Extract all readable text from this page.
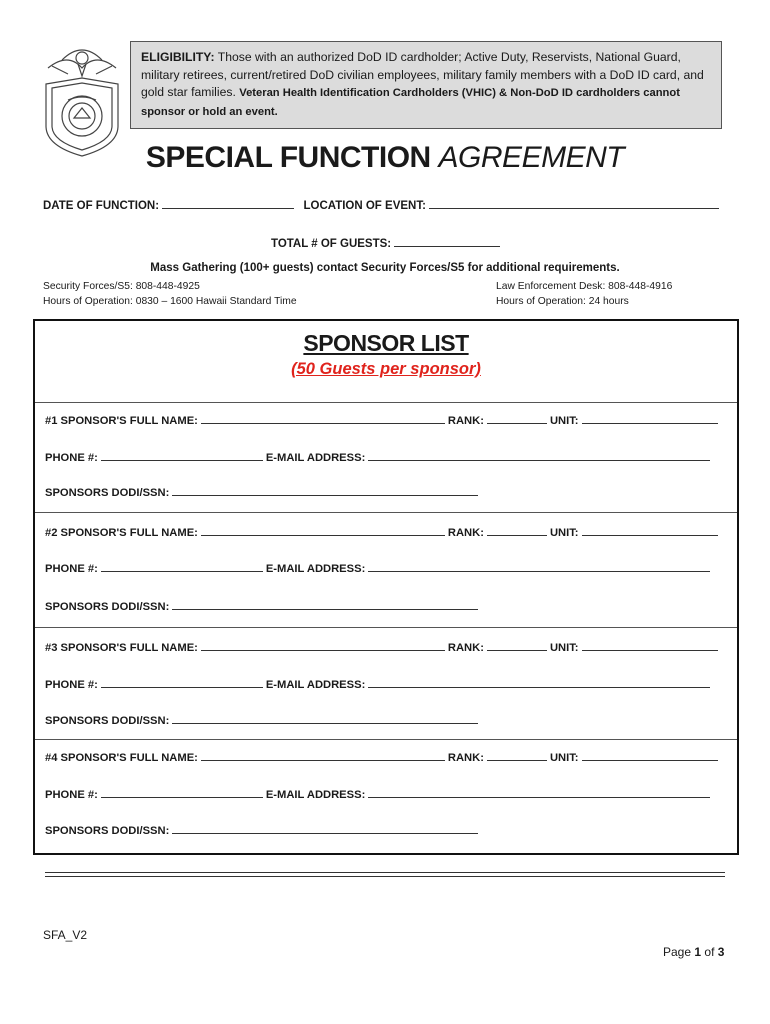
ELIGIBILITY: Those with an authorized DoD ID cardholder; Active Duty, Reservists, National Guard, military retirees, current/retired DoD civilian employees, military family members with a DoD ID card, and gold star families. Veteran Health Identification Cardholders (VHIC) & Non-DoD ID cardholders cannot sponsor or hold an event.
SPECIAL FUNCTION AGREEMENT
DATE OF FUNCTION:	LOCATION OF EVENT:
TOTAL # OF GUESTS:
Mass Gathering (100+ guests) contact Security Forces/S5 for additional requirements.
Security Forces/S5: 808-448-4925
Hours of Operation: 0830 – 1600 Hawaii Standard Time
Law Enforcement Desk: 808-448-4916
Hours of Operation: 24 hours
SPONSOR LIST
(50 Guests per sponsor)
#1 SPONSOR'S FULL NAME:	RANK:	UNIT:
PHONE #:	E-MAIL ADDRESS:
SPONSORS DODI/SSN:
#2 SPONSOR'S FULL NAME:	RANK:	UNIT:
PHONE #:	E-MAIL ADDRESS:
SPONSORS DODI/SSN:
#3 SPONSOR'S FULL NAME:	RANK:	UNIT:
PHONE #:	E-MAIL ADDRESS:
SPONSORS DODI/SSN:
#4 SPONSOR'S FULL NAME:	RANK:	UNIT:
PHONE #:	E-MAIL ADDRESS:
SPONSORS DODI/SSN:
SFA_V2
Page 1 of 3
